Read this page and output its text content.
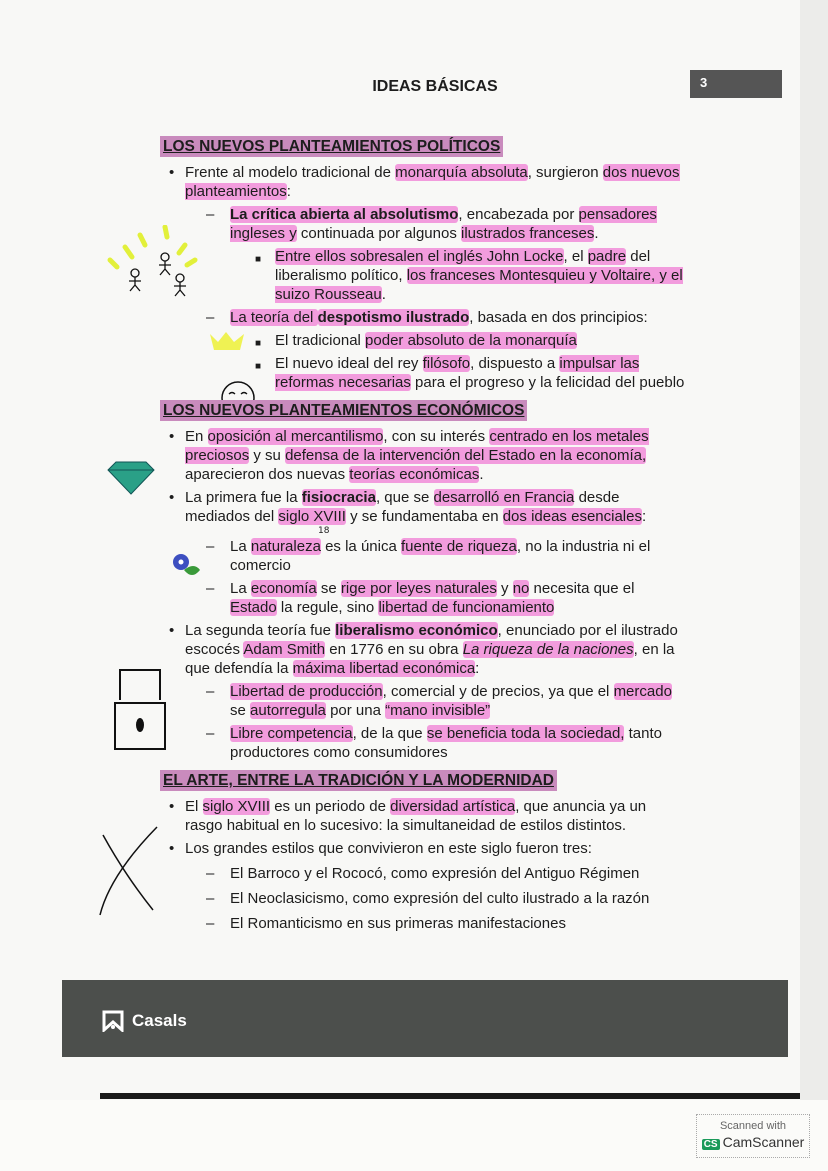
IDEAS BÁSICAS	3
LOS NUEVOS PLANTEAMIENTOS POLÍTICOS
• Frente al modelo tradicional de monarquía absoluta, surgieron dos nuevos planteamientos:
– La crítica abierta al absolutismo, encabezada por pensadores ingleses y continuada por algunos ilustrados franceses.
■ Entre ellos sobresalen el inglés John Locke, el padre del liberalismo político, los franceses Montesquieu y Voltaire, y el suizo Rousseau.
– La teoría del despotismo ilustrado, basada en dos principios:
■ El tradicional poder absoluto de la monarquía
■ El nuevo ideal del rey filósofo, dispuesto a impulsar las reformas necesarias para el progreso y la felicidad del pueblo
LOS NUEVOS PLANTEAMIENTOS ECONÓMICOS
• En oposición al mercantilismo, con su interés centrado en los metales preciosos y su defensa de la intervención del Estado en la economía, aparecieron dos nuevas teorías económicas.
• La primera fue la fisiocracia, que se desarrolló en Francia desde mediados del siglo XVIII y se fundamentaba en dos ideas esenciales:
–
18
La naturaleza es la única fuente de riqueza, no la industria ni el comercio
– La economía se rige por leyes naturales y no necesita que el Estado la regule, sino libertad de funcionamiento
• La segunda teoría fue liberalismo económico, enunciado por el ilustrado escocés Adam Smith en 1776 en su obra La riqueza de la naciones, en la que defendía la máxima libertad económica:
– Libertad de producción, comercial y de precios, ya que el mercado se autorregula por una “mano invisible”
– Libre competencia, de la que se beneficia toda la sociedad, tanto productores como consumidores
EL ARTE, ENTRE LA TRADICIÓN Y LA MODERNIDAD
• El siglo XVIII es un periodo de diversidad artística, que anuncia ya un rasgo habitual en lo sucesivo: la simultaneidad de estilos distintos.
• Los grandes estilos que convivieron en este siglo fueron tres:
– El Barroco y el Rococó, como expresión del Antiguo Régimen
– El Neoclasicismo, como expresión del culto ilustrado a la razón
– El Romanticismo en sus primeras manifestaciones
Casals
Scanned with
CS CamScanner
